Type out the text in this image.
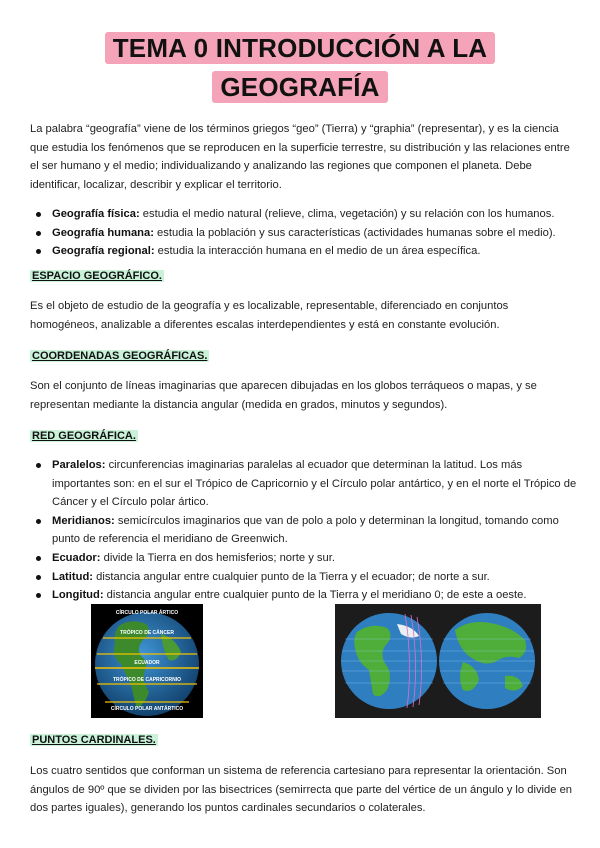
TEMA 0 INTRODUCCIÓN A LA
GEOGRAFÍA

La palabra “geografía” viene de los términos griegos “geo” (Tierra) y “graphia” (representar), y es la ciencia que estudia los fenómenos que se reproducen en la superficie terrestre, su distribución y las relaciones entre el ser humano y el medio; individualizando y analizando las regiones que componen el planeta. Debe identificar, localizar, describir y explicar el territorio.

Geografía física: estudia el medio natural (relieve, clima, vegetación) y su relación con los humanos.
Geografía humana: estudia la población y sus características (actividades humanas sobre el medio).
Geografía regional: estudia la interacción humana en el medio de un área específica.
ESPACIO GEOGRÁFICO.

Es el objeto de estudio de la geografía y es localizable, representable, diferenciado en conjuntos homogéneos, analizable a diferentes escalas interdependientes y está en constante evolución.

COORDENADAS GEOGRÁFICAS.

Son el conjunto de líneas imaginarias que aparecen dibujadas en los globos terráqueos o mapas, y se representan mediante la distancia angular (medida en grados, minutos y segundos).

RED GEOGRÁFICA.
Paralelos: circunferencias imaginarias paralelas al ecuador que determinan la latitud. Los más importantes son: en el sur el Trópico de Capricornio y el Círculo polar antártico, y en el norte el Trópico de Cáncer y el Círculo polar ártico.
Meridianos: semicírculos imaginarios que van de polo a polo y determinan la longitud, tomando como punto de referencia el meridiano de Greenwich.
Ecuador: divide la Tierra en dos hemisferios; norte y sur.
Latitud: distancia angular entre cualquier punto de la Tierra y el ecuador; de norte a sur.
Longitud: distancia angular entre cualquier punto de la Tierra y el meridiano 0; de este a oeste.
CÍRCULO POLAR ÁRTICO
TRÓPICO DE CÁNCER
ECUADOR
TRÓPICO DE CAPRICORNIO
CÍRCULO POLAR ANTÁRTICO
PUNTOS CARDINALES.

Los cuatro sentidos que conforman un sistema de referencia cartesiano para representar la orientación. Son ángulos de 90º que se dividen por las bisectrices (semirrecta que parte del vértice de un ángulo y lo divide en dos partes iguales), generando los puntos cardinales secundarios o colaterales.
